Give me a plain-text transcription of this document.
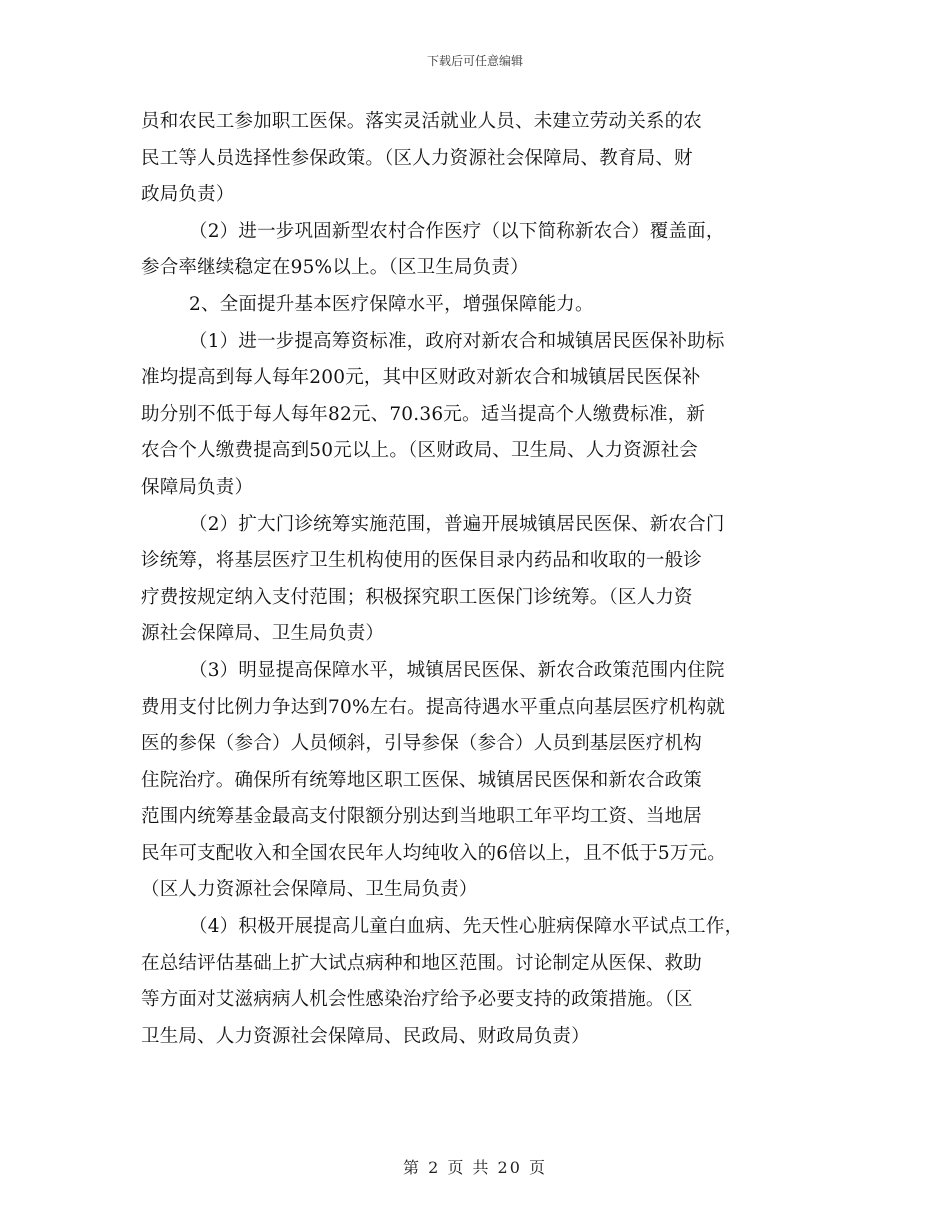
下载后可任意编辑
员和农民工参加职工医保。落实灵活就业人员、未建立劳动关系的农
民工等人员选择性参保政策。（区人力资源社会保障局、教育局、财
政局负责）
（2）进一步巩固新型农村合作医疗（以下简称新农合）覆盖面，
参合率继续稳定在95%以上。（区卫生局负责）
2、全面提升基本医疗保障水平，增强保障能力。
（1）进一步提高筹资标准，政府对新农合和城镇居民医保补助标
准均提高到每人每年200元，其中区财政对新农合和城镇居民医保补
助分别不低于每人每年82元、70.36元。适当提高个人缴费标准，新
农合个人缴费提高到50元以上。（区财政局、卫生局、人力资源社会
保障局负责）
（2）扩大门诊统筹实施范围，普遍开展城镇居民医保、新农合门
诊统筹，将基层医疗卫生机构使用的医保目录内药品和收取的一般诊
疗费按规定纳入支付范围；积极探究职工医保门诊统筹。（区人力资
源社会保障局、卫生局负责）
（3）明显提高保障水平，城镇居民医保、新农合政策范围内住院
费用支付比例力争达到70%左右。提高待遇水平重点向基层医疗机构就
医的参保（参合）人员倾斜，引导参保（参合）人员到基层医疗机构
住院治疗。确保所有统筹地区职工医保、城镇居民医保和新农合政策
范围内统筹基金最高支付限额分别达到当地职工年平均工资、当地居
民年可支配收入和全国农民年人均纯收入的6倍以上，且不低于5万元。
（区人力资源社会保障局、卫生局负责）
（4）积极开展提高儿童白血病、先天性心脏病保障水平试点工作，
在总结评估基础上扩大试点病种和地区范围。讨论制定从医保、救助
等方面对艾滋病病人机会性感染治疗给予必要支持的政策措施。（区
卫生局、人力资源社会保障局、民政局、财政局负责）
第 2 页 共 20 页
